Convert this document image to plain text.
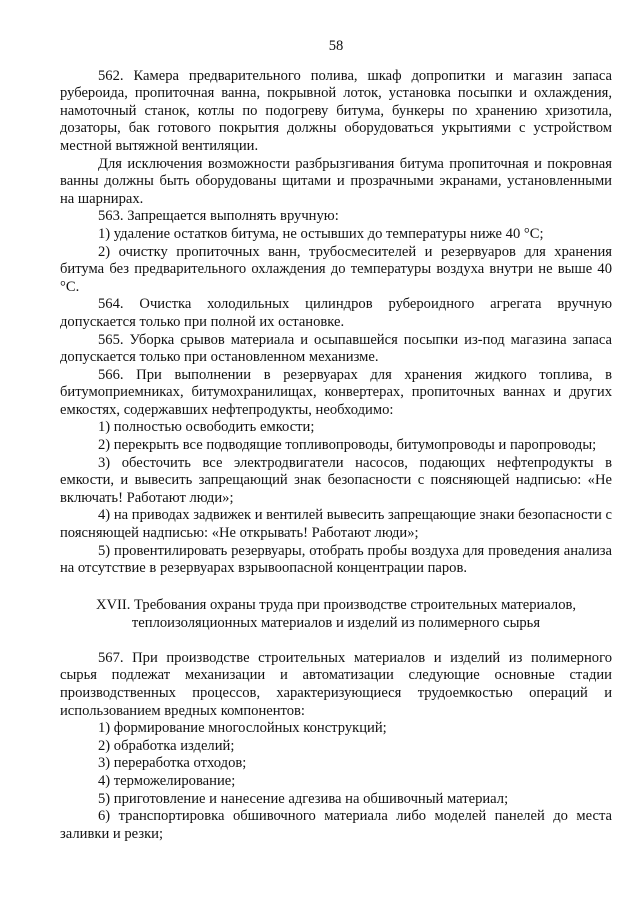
58

562. Камера предварительного полива, шкаф допропитки и магазин запаса рубероида, пропиточная ванна, покрывной лоток, установка посыпки и охлаждения, намоточный станок, котлы по подогреву битума, бункеры по хранению хризотила, дозаторы, бак готового покрытия должны оборудоваться укрытиями с устройством местной вытяжной вентиляции.

Для исключения возможности разбрызгивания битума пропиточная и покровная ванны должны быть оборудованы щитами и прозрачными экранами, установленными на шарнирах.

563. Запрещается выполнять вручную:

1) удаление остатков битума, не остывших до температуры ниже 40 °C;

2) очистку пропиточных ванн, трубосмесителей и резервуаров для хранения битума без предварительного охлаждения до температуры воздуха внутри не выше 40 °C.

564. Очистка холодильных цилиндров рубероидного агрегата вручную допускается только при полной их остановке.

565. Уборка срывов материала и осыпавшейся посыпки из-под магазина запаса допускается только при остановленном механизме.

566. При выполнении в резервуарах для хранения жидкого топлива, в битумоприемниках, битумохранилищах, конвертерах, пропиточных ваннах и других емкостях, содержавших нефтепродукты, необходимо:

1) полностью освободить емкости;

2) перекрыть все подводящие топливопроводы, битумопроводы и паропроводы;

3) обесточить все электродвигатели насосов, подающих нефтепродукты в емкости, и вывесить запрещающий знак безопасности с поясняющей надписью: «Не включать! Работают люди»;

4) на приводах задвижек и вентилей вывесить запрещающие знаки безопасности с поясняющей надписью: «Не открывать! Работают люди»;

5) провентилировать резервуары, отобрать пробы воздуха для проведения анализа на отсутствие в резервуарах взрывоопасной концентрации паров.

XVII. Требования охраны труда при производстве строительных материалов,
теплоизоляционных материалов и изделий из полимерного сырья

567. При производстве строительных материалов и изделий из полимерного сырья подлежат механизации и автоматизации следующие основные стадии производственных процессов, характеризующиеся трудоемкостью операций и использованием вредных компонентов:

1) формирование многослойных конструкций;

2) обработка изделий;

3) переработка отходов;

4) терможелирование;

5) приготовление и нанесение адгезива на обшивочный материал;

6) транспортировка обшивочного материала либо моделей панелей до места заливки и резки;
